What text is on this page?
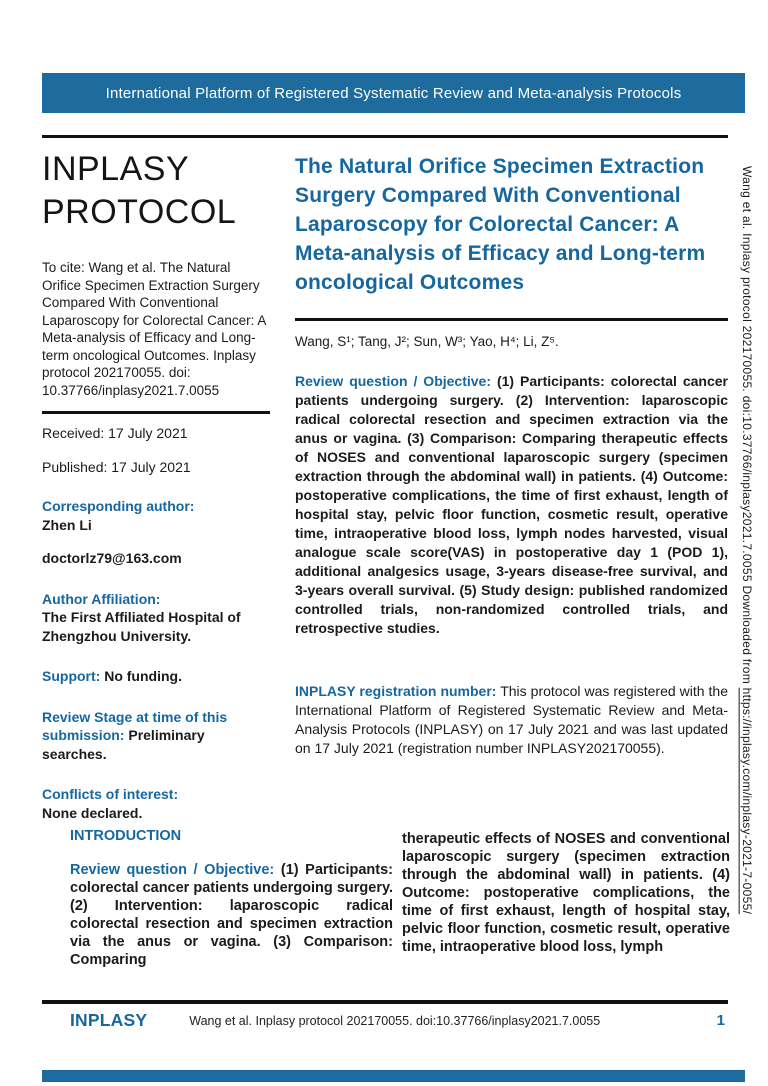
International Platform of Registered Systematic Review and Meta-analysis Protocols
INPLASY
PROTOCOL

To cite: Wang et al. The Natural Orifice Specimen Extraction Surgery Compared With Conventional Laparoscopy for Colorectal Cancer: A Meta-analysis of Efficacy and Long-term oncological Outcomes. Inplasy protocol 202170055. doi: 10.37766/inplasy2021.7.0055

Received: 17 July 2021

Published: 17 July 2021

Corresponding author:
Zhen Li

doctorlz79@163.com

Author Affiliation:
The First Affiliated Hospital of Zhengzhou University.
Support: No funding.
Review Stage at time of this submission: Preliminary searches.
Conflicts of interest:
None declared.
The Natural Orifice Specimen Extraction Surgery Compared With Conventional Laparoscopy for Colorectal Cancer: A Meta-analysis of Efficacy and Long-term oncological Outcomes

Wang, S¹; Tang, J²; Sun, W³; Yao, H⁴; Li, Z⁵.

Review question / Objective: (1) Participants: colorectal cancer patients undergoing surgery. (2) Intervention: laparoscopic radical colorectal resection and specimen extraction via the anus or vagina. (3) Comparison: Comparing therapeutic effects of NOSES and conventional laparoscopic surgery (specimen extraction through the abdominal wall) in patients. (4) Outcome: postoperative complications, the time of first exhaust, length of hospital stay, pelvic floor function, cosmetic result, operative time, intraoperative blood loss, lymph nodes harvested, visual analogue scale score(VAS) in postoperative day 1 (POD 1), additional analgesics usage, 3-years disease-free survival, and 3-years overall survival. (5) Study design: published randomized controlled trials, non-randomized controlled trials, and retrospective studies.

INPLASY registration number: This protocol was registered with the International Platform of Registered Systematic Review and Meta-Analysis Protocols (INPLASY) on 17 July 2021 and was last updated on 17 July 2021 (registration number INPLASY202170055).

INTRODUCTION

Review question / Objective: (1) Participants: colorectal cancer patients undergoing surgery. (2) Intervention: laparoscopic radical colorectal resection and specimen extraction via the anus or vagina. (3) Comparison: Comparing

therapeutic effects of NOSES and conventional laparoscopic surgery (specimen extraction through the abdominal wall) in patients. (4) Outcome: postoperative complications, the time of first exhaust, length of hospital stay, pelvic floor function, cosmetic result, operative time, intraoperative blood loss, lymph

INPLASY	Wang et al. Inplasy protocol 202170055. doi:10.37766/inplasy2021.7.0055	1
Wang et al. Inplasy protocol 202170055. doi:10.37766/inplasy2021.7.0055 Downloaded from https://inplasy.com/inplasy-2021-7-0055/
